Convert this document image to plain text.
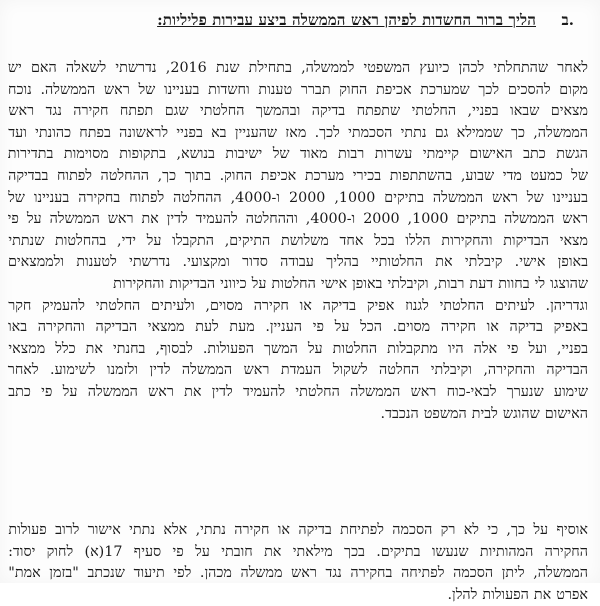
ב.
הליך ברור החשדות לפיהן ראש הממשלה ביצע עבירות פליליות:
לאחר שהתחלתי לכהן כיועץ המשפטי לממשלה, בתחילת שנת 2016, נדרשתי לשאלה האם יש
מקום להסכים לכך שמערכת אכיפת החוק תברר טענות וחשדות בעניינו של ראש הממשלה. נוכח
מצאים שבאו בפניי, החלטתי שתפתח בדיקה ובהמשך החלטתי שגם תפתח חקירה נגד ראש
הממשלה, כך שממילא גם נתתי הסכמתי לכך. מאז שהעניין בא בפניי לראשונה בפתח כהונתי ועד
הגשת כתב האישום קיימתי עשרות רבות מאוד של ישיבות בנושא, בתקופות מסוימות בתדירות
של כמעט מדי שבוע, בהשתתפות בכירי מערכת אכיפת החוק. בתוך כך, ההחלטה לפתוח בבדיקה
בעניינו של ראש הממשלה בתיקים 1000, 2000 ו-4000, ההחלטה לפתוח בחקירה בעניינו של
ראש הממשלה בתיקים 1000, 2000 ו-4000, וההחלטה להעמיד לדין את ראש הממשלה על פי
מצאי הבדיקות והחקירות הללו בכל אחד משלושת התיקים, התקבלו על ידי, בהחלטות שנתתי
באופן אישי. קיבלתי את החלטותיי בהליך עבודה סדור ומקצועי. נדרשתי לטענות ולממצאים
שהוצגו לי בחוות דעת רבות, וקיבלתי באופן אישי החלטות על כיווני הבדיקות והחקירות
וגדריהן. לעיתים החלטתי לגנוז אפיק בדיקה או חקירה מסוים, ולעיתים החלטתי להעמיק חקר
באפיק בדיקה או חקירה מסוים. הכל על פי העניין. מעת לעת ממצאי הבדיקה והחקירה באו
בפניי, ועל פי אלה היו מתקבלות החלטות על המשך הפעולות. לבסוף, בחנתי את כלל ממצאי
הבדיקה והחקירה, וקיבלתי החלטה לשקול העמדת ראש הממשלה לדין ולזמנו לשימוע. לאחר
שימוע שנערך לבאי-כוח ראש הממשלה החלטתי להעמיד לדין את ראש הממשלה על פי כתב
האישום שהוגש לבית המשפט הנכבד.
אוסיף על כך, כי לא רק הסכמה לפתיחת בדיקה או חקירה נתתי, אלא נתתי אישור לרוב פעולות
החקירה המהותיות שנעשו בתיקים. בכך מילאתי את חובתי על פי סעיף 17(א) לחוק יסוד:
הממשלה, ליתן הסכמה לפתיחה בחקירה נגד ראש ממשלה מכהן. לפי תיעוד שנכתב "בזמן אמת"
אפרט את הפעולות להלן.
